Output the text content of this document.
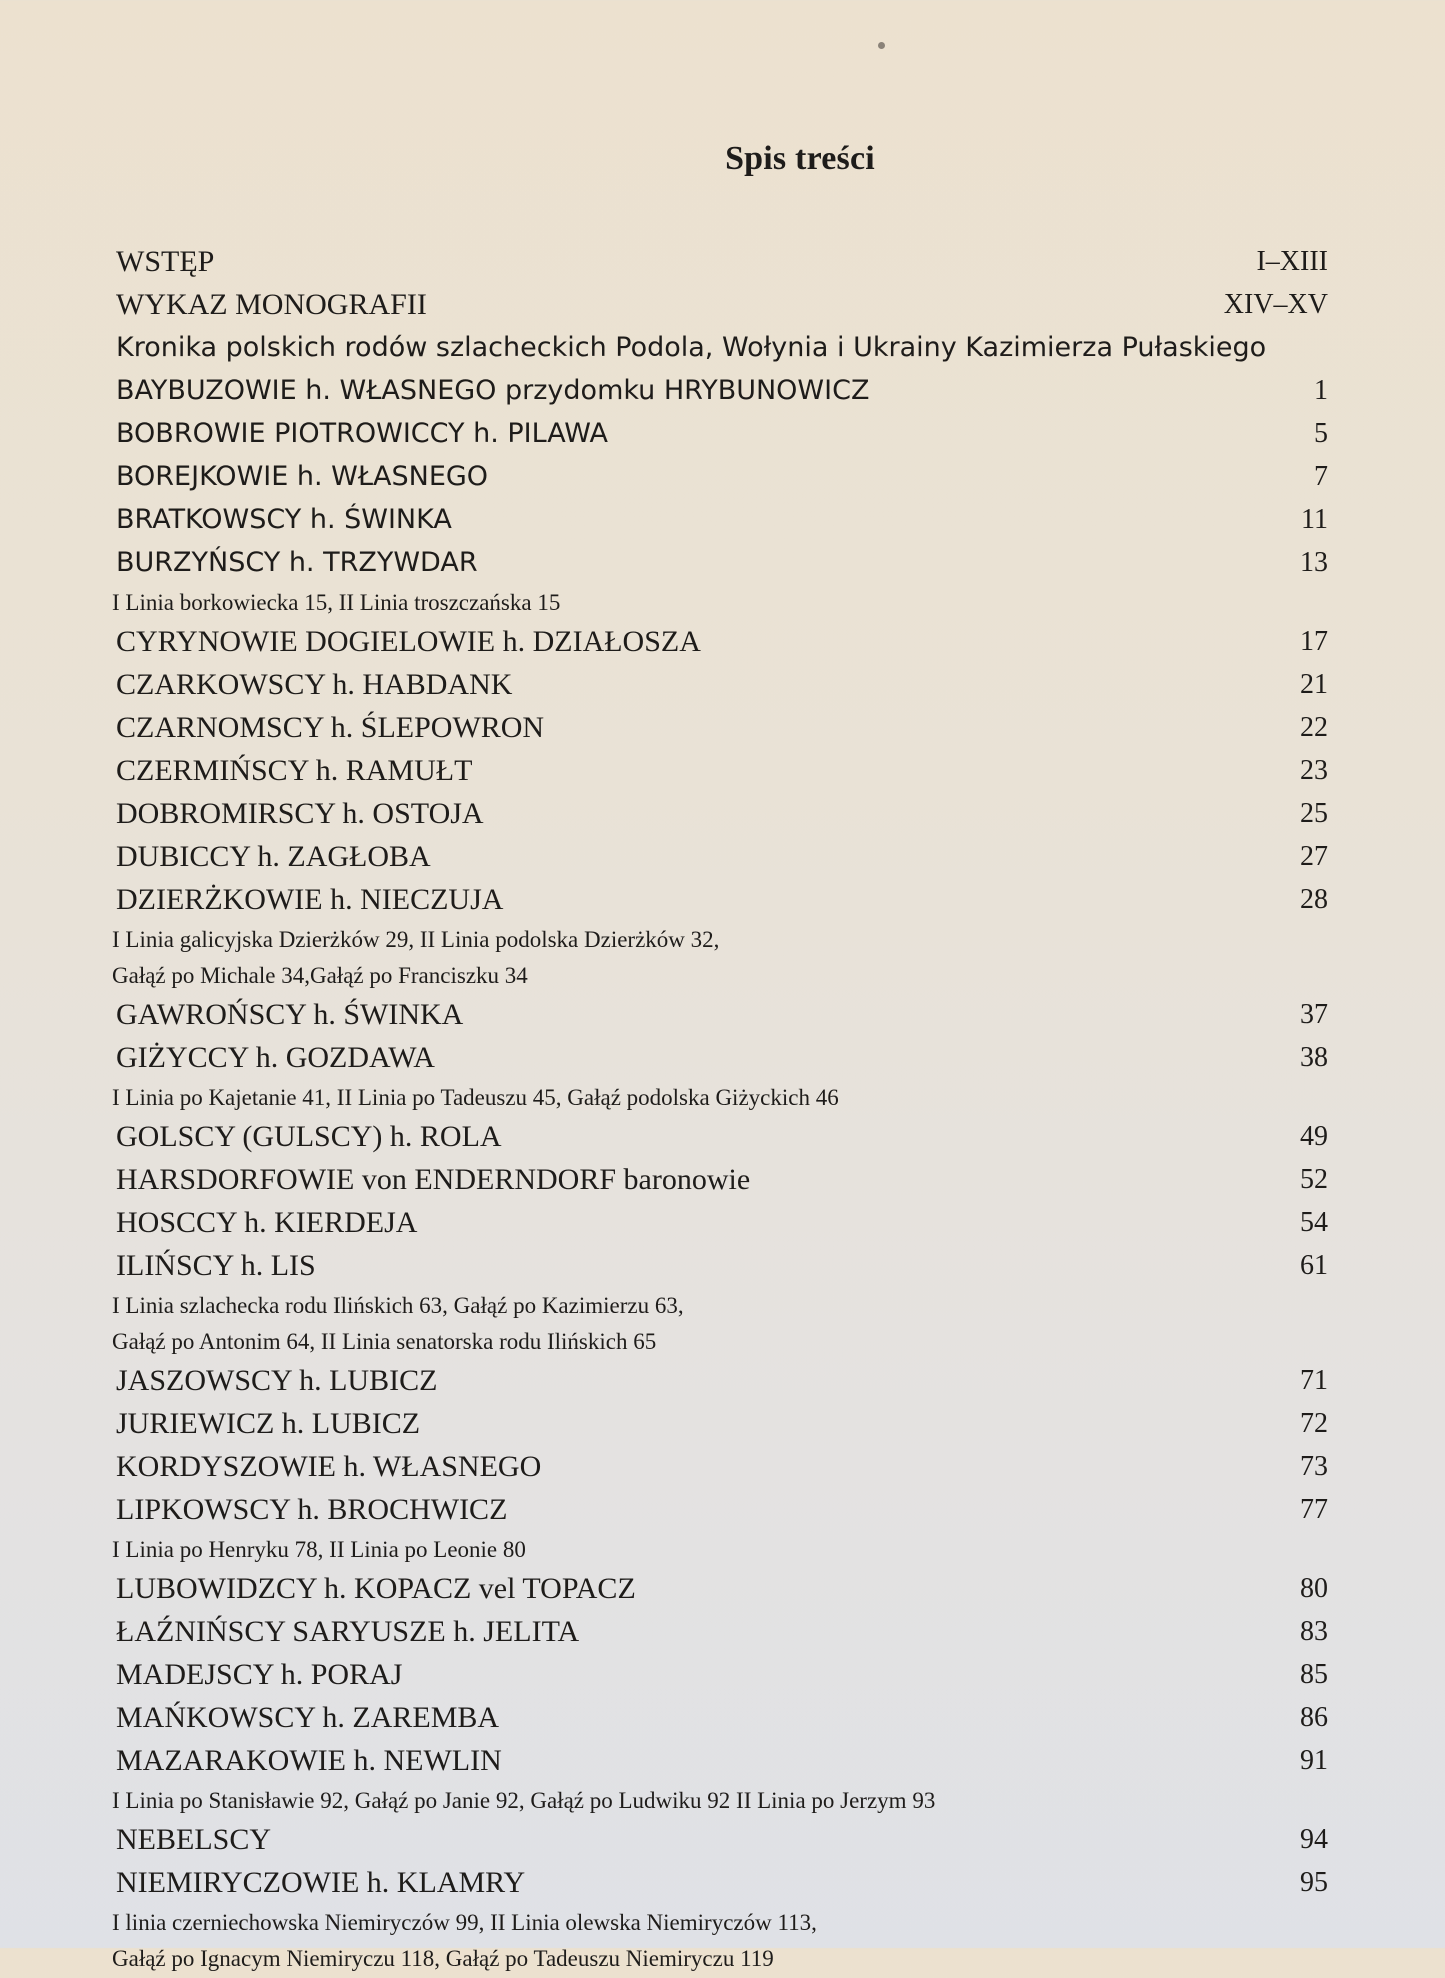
Spis treści
WSTĘP	I–XIII
WYKAZ MONOGRAFII	XIV–XV
Kronika polskich rodów szlacheckich Podola, Wołynia i Ukrainy Kazimierza Pułaskiego
BAYBUZOWIE h. WŁASNEGO przydomku HRYBUNOWICZ	1
BOBROWIE PIOTROWICCY h. PILAWA	5
BOREJKOWIE h. WŁASNEGO	7
BRATKOWSCY h. ŚWINKA	11
BURZYŃSCY h. TRZYWDAR	13
I Linia borkowiecka 15, II Linia troszczańska 15
CYRYNOWIE DOGIELOWIE h. DZIAŁOSZA	17
CZARKOWSCY h. HABDANK	21
CZARNOMSCY h. ŚLEPOWRON	22
CZERMIŃSCY h. RAMUŁT	23
DOBROMIRSCY h. OSTOJA	25
DUBICCY h. ZAGŁOBA	27
DZIERŻKOWIE h. NIECZUJA	28
I Linia galicyjska Dzierżków 29, II Linia podolska Dzierżków 32,
Gałąź po Michale 34,Gałąź po Franciszku 34
GAWROŃSCY h. ŚWINKA	37
GIŻYCCY h. GOZDAWA	38
I Linia po Kajetanie 41, II Linia po Tadeuszu 45, Gałąź podolska Giżyckich 46
GOLSCY (GULSCY) h. ROLA	49
HARSDORFOWIE von ENDERNDORF baronowie	52
HOSCCY h. KIERDEJA	54
ILIŃSCY h. LIS	61
I Linia szlachecka rodu Ilińskich 63, Gałąź po Kazimierzu 63,
Gałąź po Antonim 64, II Linia senatorska rodu Ilińskich 65
JASZOWSCY h. LUBICZ	71
JURIEWICZ h. LUBICZ	72
KORDYSZOWIE h. WŁASNEGO	73
LIPKOWSCY h. BROCHWICZ	77
I Linia po Henryku 78, II Linia po Leonie 80
LUBOWIDZCY h. KOPACZ vel TOPACZ	80
ŁAŹNIŃSCY SARYUSZE h. JELITA	83
MADEJSCY h. PORAJ	85
MAŃKOWSCY h. ZAREMBA	86
MAZARAKOWIE h. NEWLIN	91
I Linia po Stanisławie 92, Gałąź po Janie 92, Gałąź po Ludwiku 92 II Linia po Jerzym 93
NEBELSCY	94
NIEMIRYCZOWIE h. KLAMRY	95
I linia czerniechowska Niemiryczów 99, II Linia olewska Niemiryczów 113,
Gałąź po Ignacym Niemiryczu 118, Gałąź po Tadeuszu Niemiryczu 119
